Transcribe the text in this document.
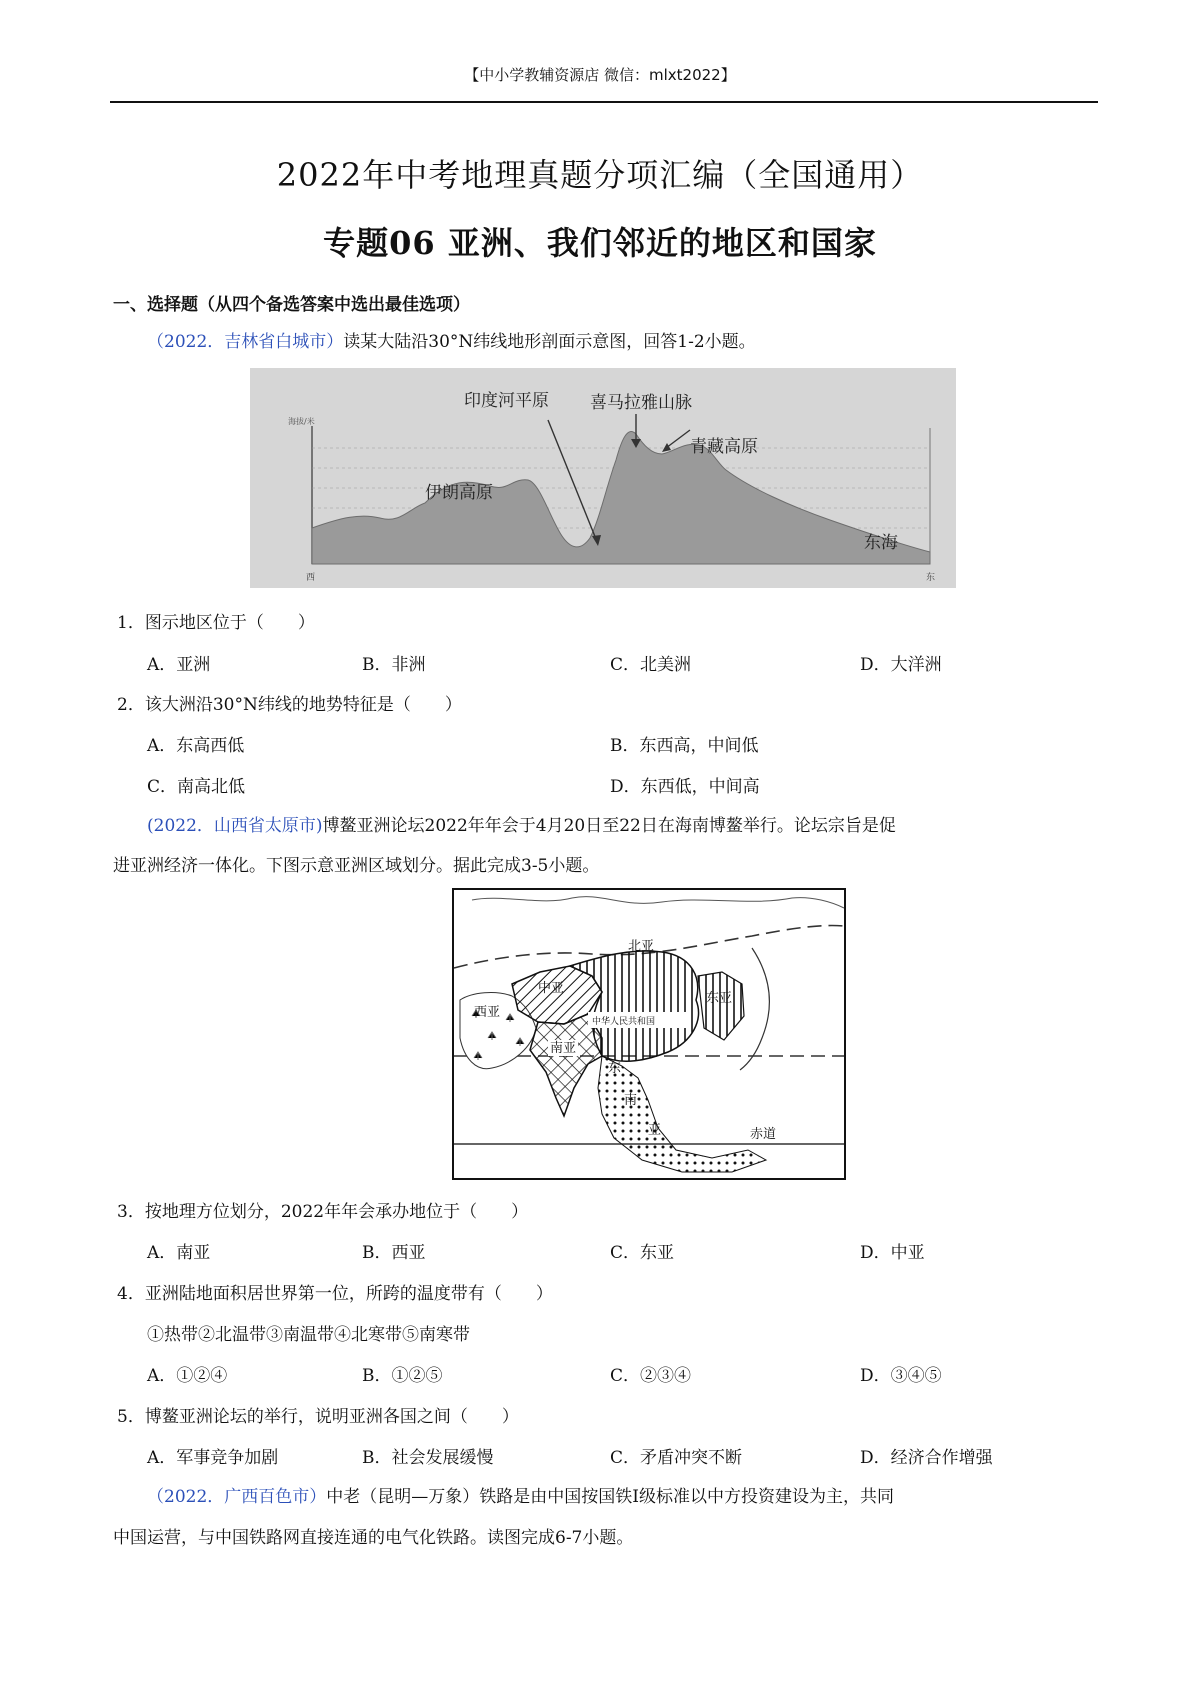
【中小学教辅资源店 微信：mlxt2022】
2022年中考地理真题分项汇编（全国通用）
专题06 亚洲、我们邻近的地区和国家
一、选择题（从四个备选答案中选出最佳选项）
（2022．吉林省白城市）读某大陆沿30°N纬线地形剖面示意图，回答1-2小题。
海拔/米
印度河平原 喜马拉雅山脉
青藏高原
伊朗高原
东海
西	东
1．图示地区位于（　　）
A．亚洲	B．非洲	C．北美洲	D．大洋洲
2．该大洲沿30°N纬线的地势特征是（　　）
A．东高西低	B．东西高，中间低
C．南高北低	D．东西低，中间高
(2022．山西省太原市)博鳌亚洲论坛2022年年会于4月20日至22日在海南博鳌举行。论坛宗旨是促
进亚洲经济一体化。下图示意亚洲区域划分。据此完成3-5小题。
北亚
中亚
东亚
西亚
中华人民共和国
南亚
东
南
亚	赤道
3．按地理方位划分，2022年年会承办地位于（　　）
A．南亚	B．西亚	C．东亚	D．中亚
4．亚洲陆地面积居世界第一位，所跨的温度带有（　　）
①热带②北温带③南温带④北寒带⑤南寒带
A．①②④	B．①②⑤	C．②③④	D．③④⑤
5．博鳌亚洲论坛的举行，说明亚洲各国之间（　　）
A．军事竞争加剧	B．社会发展缓慢	C．矛盾冲突不断	D．经济合作增强
（2022．广西百色市）中老（昆明—万象）铁路是由中国按国铁Ⅰ级标准以中方投资建设为主，共同
中国运营，与中国铁路网直接连通的电气化铁路。读图完成6-7小题。
